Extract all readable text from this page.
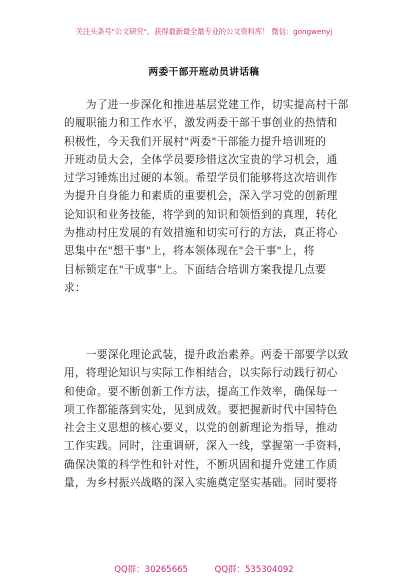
关注头条号"公文研究"，获得最新最全最专业的公文资料库！ 微信：gongwenyj
两委干部开班动员讲话稿
　　为了进一步深化和推进基层党建工作，切实提高村干部
的履职能力和工作水平，激发两委干部干事创业的热情和
积极性，今天我们开展村"两委"干部能力提升培训班的
开班动员大会，全体学员要珍惜这次宝贵的学习机会，通
过学习锤炼出过硬的本领。希望学员们能够将这次培训作
为提升自身能力和素质的重要机会，深入学习党的创新理
论知识和业务技能，将学到的知识和领悟到的真理，转化
为推动村庄发展的有效措施和切实可行的方法，真正将心
思集中在"想干事"上，将本领体现在"会干事"上，将
目标锁定在"干成事"上。下面结合培训方案我提几点要
求：
　　一要深化理论武装，提升政治素养。两委干部要学以致
用，将理论知识与实际工作相结合，以实际行动践行初心
和使命。要不断创新工作方法，提高工作效率，确保每一
项工作都能落到实处，见到成效。要把握新时代中国特色
社会主义思想的核心要义，以党的创新理论为指导，推动
工作实践。同时，注重调研，深入一线，掌握第一手资料，
确保决策的科学性和针对性，不断巩固和提升党建工作质
量，为乡村振兴战略的深入实施奠定坚实基础。同时要将
QQ群：30265665	QQ群：535304092
